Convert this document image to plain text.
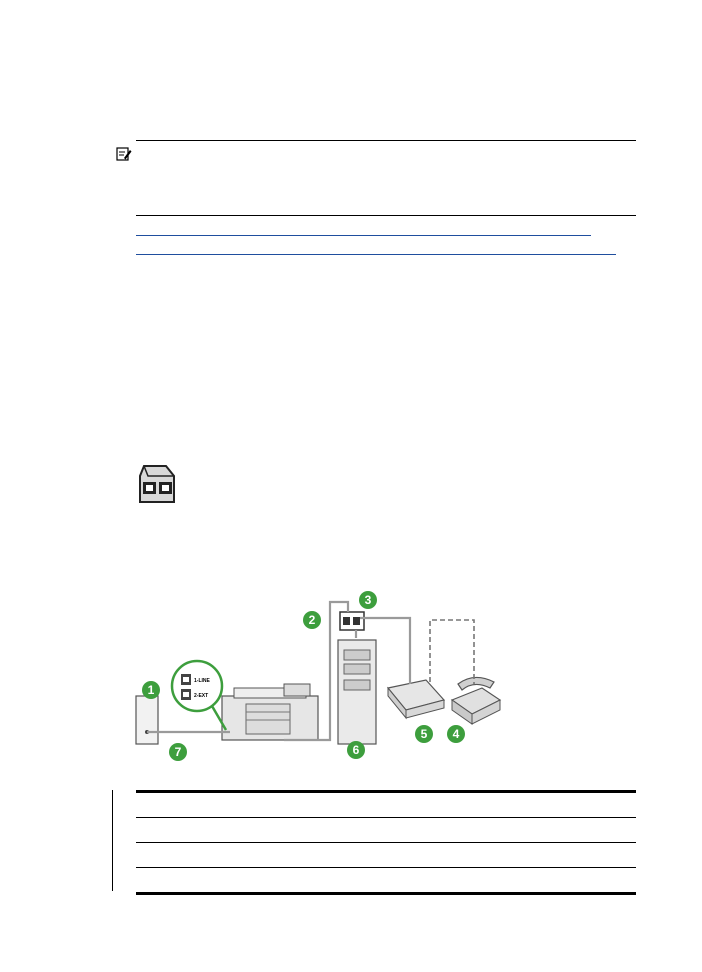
1-LINE
2-EXT
1
2
3
4
5
6
7
